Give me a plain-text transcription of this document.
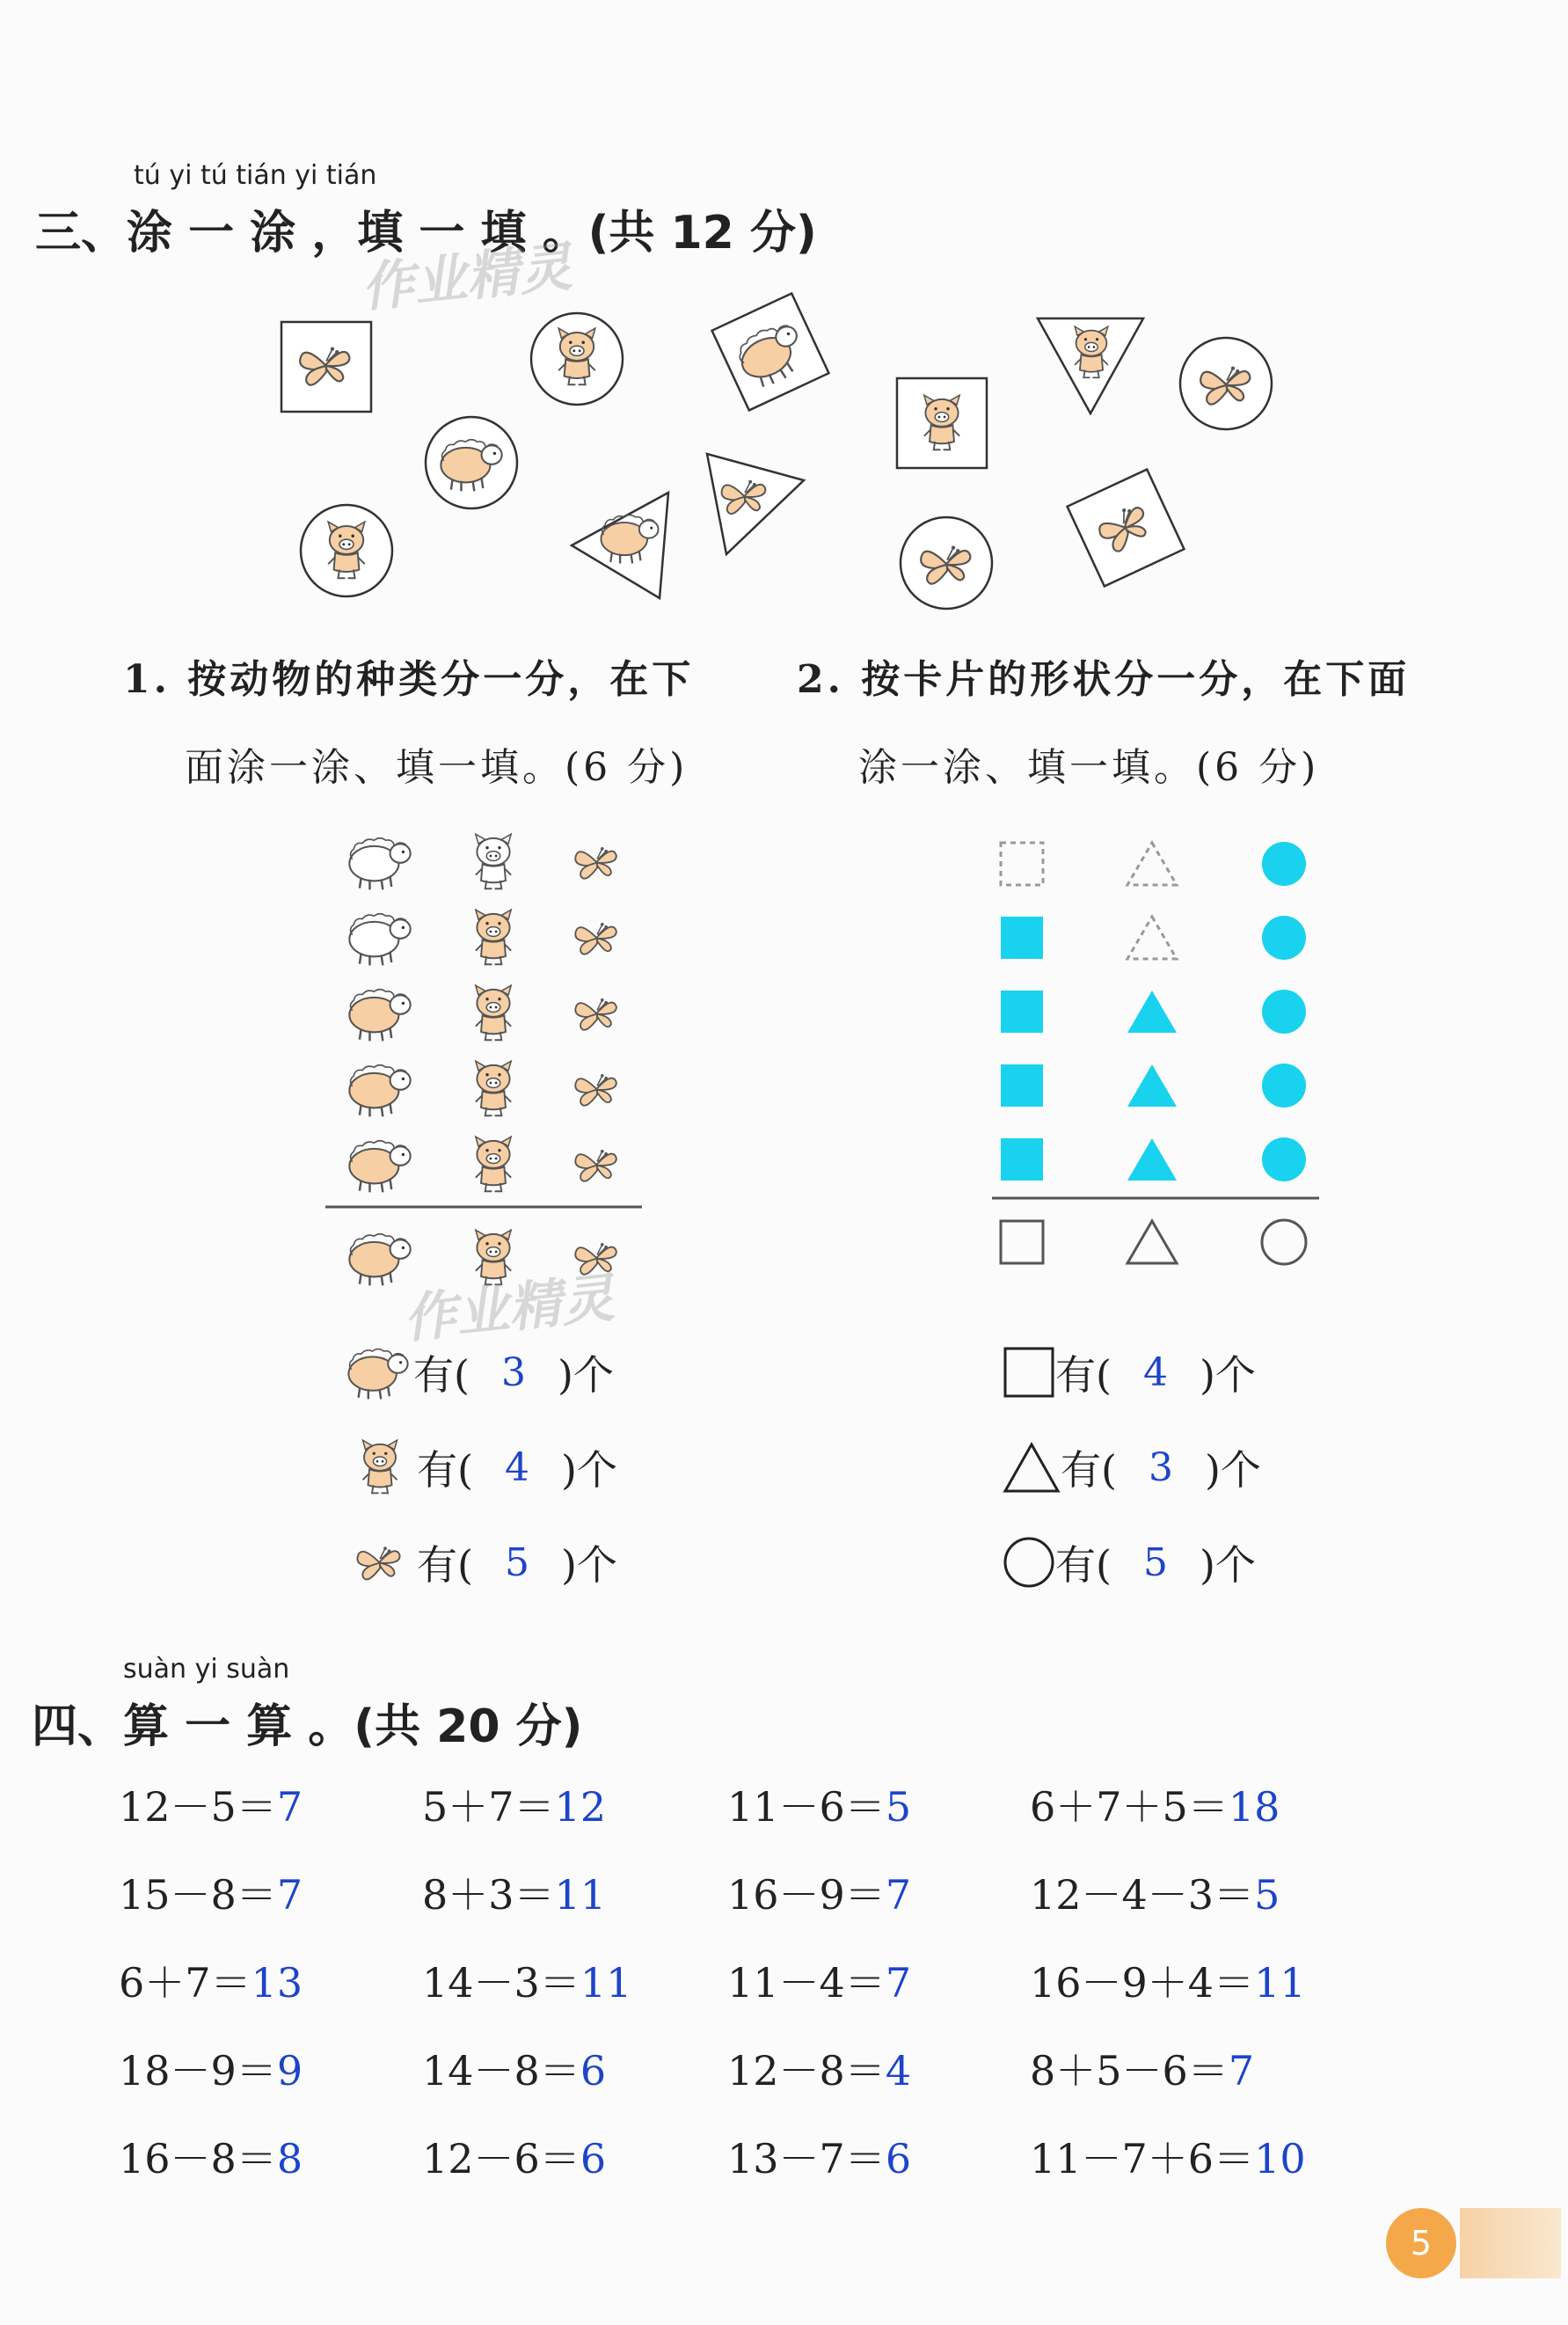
tú yi tú tián yi tián
三、涂 一 涂 ，填 一 填 。(共 12 分)
作业精灵
1. 按动物的种类分一分，在下
面涂一涂、填一填。(6 分)
2. 按卡片的形状分一分，在下面
涂一涂、填一填。(6 分)
作业精灵
有( 3 )个
有( 4 )个
有( 5 )个
有( 4 )个
有( 3 )个
有( 5 )个
suàn yi suàn
四、算 一 算 。(共 20 分)
12－5＝7
15－8＝7
6＋7＝13
18－9＝9
16－8＝8
5＋7＝12
8＋3＝11
14－3＝11
14－8＝6
12－6＝6
11－6＝5
16－9＝7
11－4＝7
12－8＝4
13－7＝6
6＋7＋5＝18
12－4－3＝5
16－9＋4＝11
8＋5－6＝7
11－7＋6＝10
5
